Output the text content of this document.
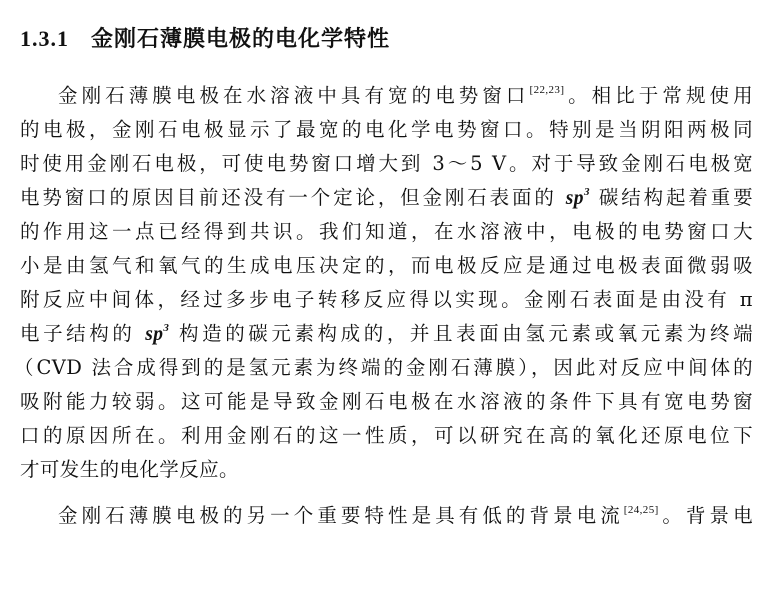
1.3.1 金刚石薄膜电极的电化学特性
金刚石薄膜电极在水溶液中具有宽的电势窗口[22,23]。相比于常规使用
的电极，金刚石电极显示了最宽的电化学电势窗口。特别是当阴阳两极同
时使用金刚石电极，可使电势窗口增大到 3～5 V。对于导致金刚石电极宽
电势窗口的原因目前还没有一个定论，但金刚石表面的 $sp^3$ 碳结构起着重要
的作用这一点已经得到共识。我们知道，在水溶液中，电极的电势窗口大
小是由氢气和氧气的生成电压决定的，而电极反应是通过电极表面微弱吸
附反应中间体，经过多步电子转移反应得以实现。金刚石表面是由没有 π
电子结构的 $sp^3$ 构造的碳元素构成的，并且表面由氢元素或氧元素为终端
（CVD 法合成得到的是氢元素为终端的金刚石薄膜），因此对反应中间体的
吸附能力较弱。这可能是导致金刚石电极在水溶液的条件下具有宽电势窗
口的原因所在。利用金刚石的这一性质，可以研究在高的氧化还原电位下
才可发生的电化学反应。
金刚石薄膜电极的另一个重要特性是具有低的背景电流[24,25]。背景电
